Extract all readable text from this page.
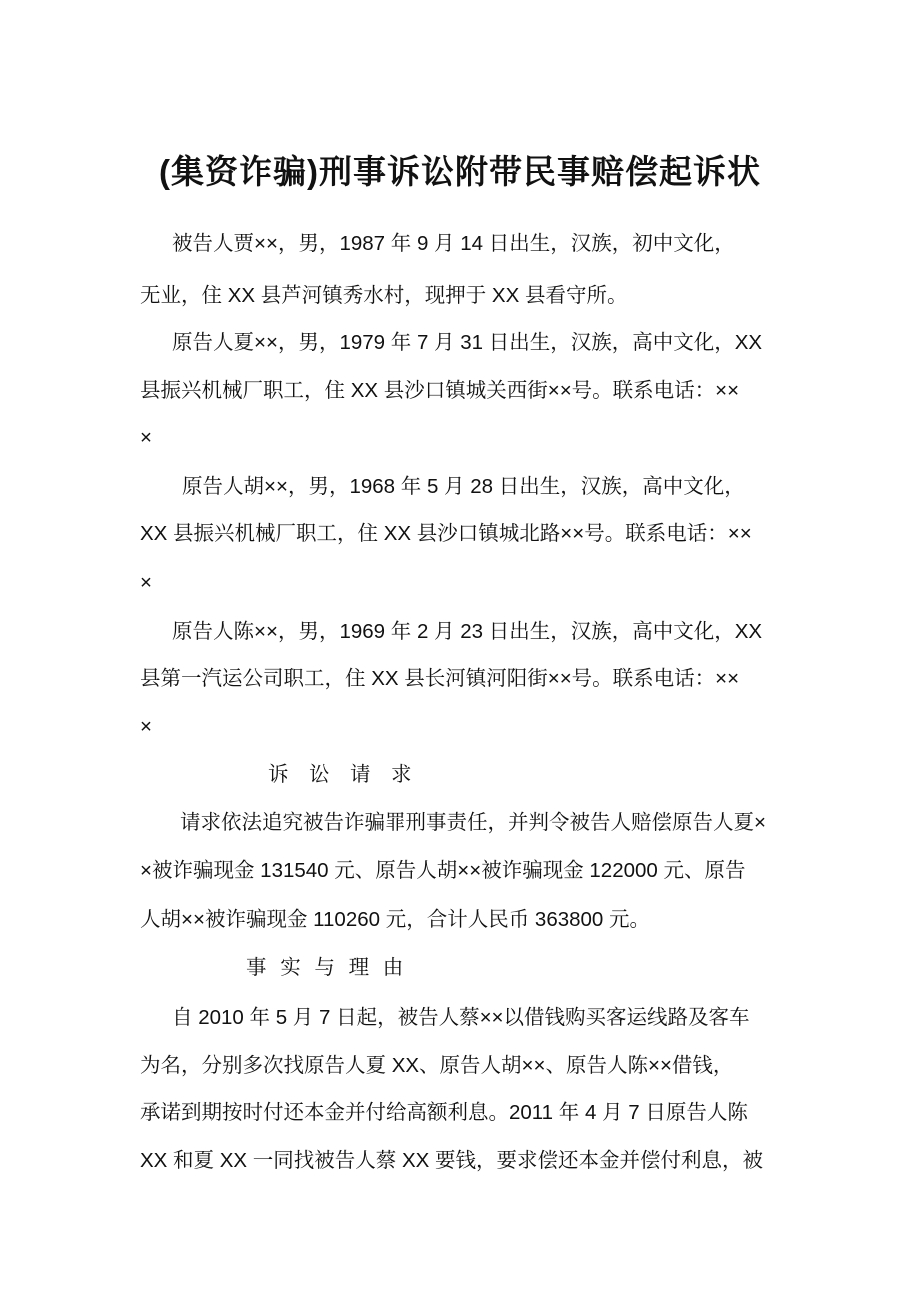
(集资诈骗)刑事诉讼附带民事赔偿起诉状
被告人贾××，男，1987 年 9 月 14 日出生，汉族，初中文化，
无业，住 XX 县芦河镇秀水村，现押于 XX 县看守所。
原告人夏××，男，1979 年 7 月 31 日出生，汉族，高中文化，XX
县振兴机械厂职工，住 XX 县沙口镇城关西街××号。联系电话：××
×
原告人胡××，男，1968 年 5 月 28 日出生，汉族，高中文化，
XX 县振兴机械厂职工，住 XX 县沙口镇城北路××号。联系电话：××
×
原告人陈××，男，1969 年 2 月 23 日出生，汉族，高中文化，XX
县第一汽运公司职工，住 XX 县长河镇河阳街××号。联系电话：××
×
诉　讼　请　求
请求依法追究被告诈骗罪刑事责任，并判令被告人赔偿原告人夏×
×被诈骗现金 131540 元、原告人胡××被诈骗现金 122000 元、原告
人胡××被诈骗现金 110260 元，合计人民币 363800 元。
事 实 与 理 由
自 2010 年 5 月 7 日起，被告人蔡××以借钱购买客运线路及客车
为名，分别多次找原告人夏 XX、原告人胡××、原告人陈××借钱，
承诺到期按时付还本金并付给高额利息。2011 年 4 月 7 日原告人陈
XX 和夏 XX 一同找被告人蔡 XX 要钱，要求偿还本金并偿付利息，被
